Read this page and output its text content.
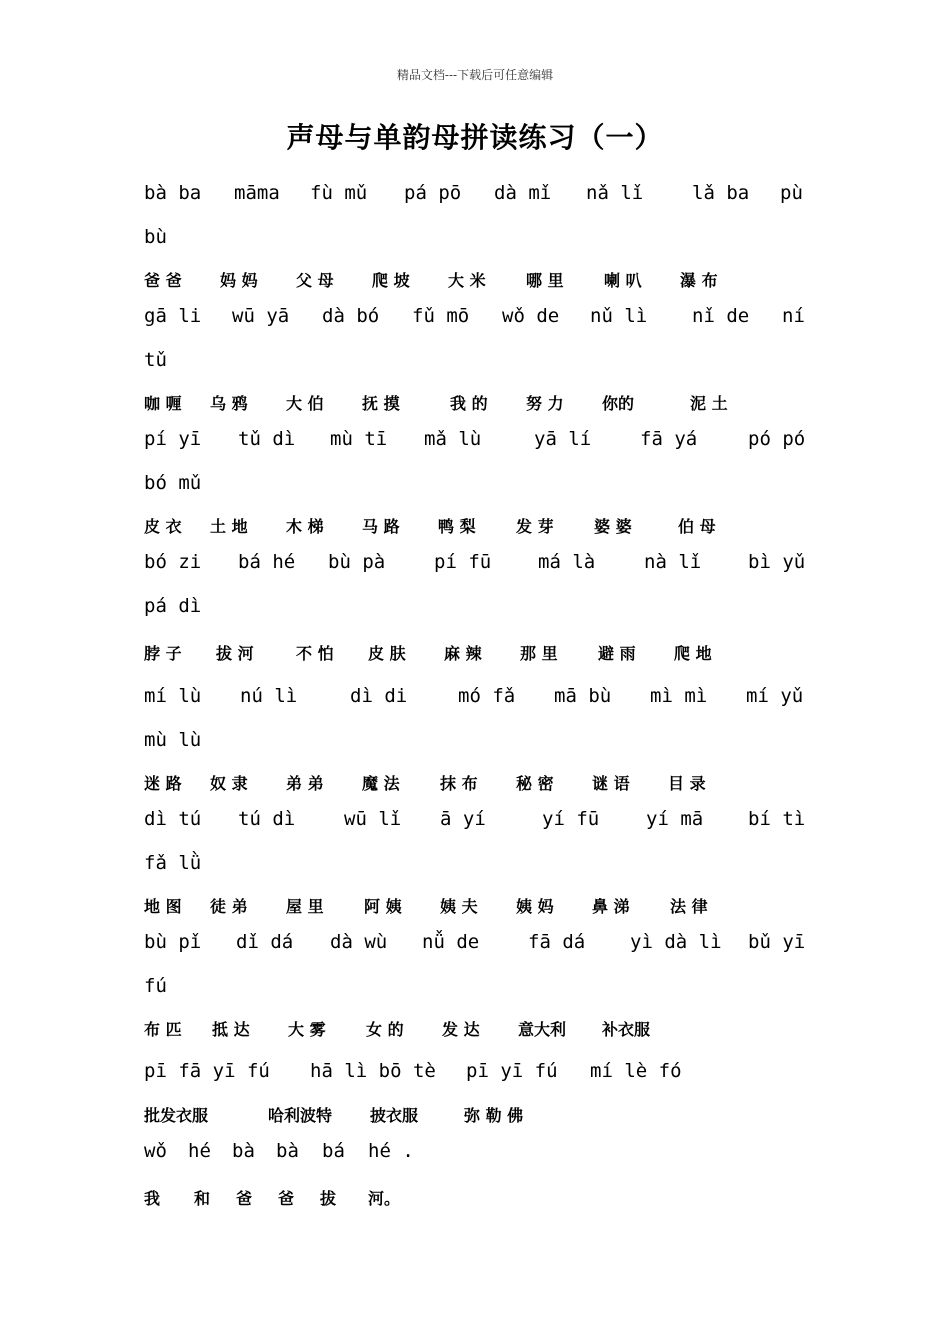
精品文档---下载后可任意编辑
声母与单韵母拼读练习（一）
bà ba māma fù mǔ pá pō dà mǐ nǎ lǐ	lǎ ba pù
bù
爸 爸 妈 妈 父 母 爬 坡 大 米	哪 里	喇 叭 瀑 布
gā li wū yā dà bó fǔ mō wǒ de nǔ lì nǐ de ní
tǔ
咖 喱 乌 鸦 大 伯 抚 摸	我 的 努 力 你的	泥 土
pí yī tǔ dì mù tī mǎ lù	yā lí	fā yá	pó pó
bó mǔ
皮 衣 土 地 木 梯 马 路 鸭 梨	发 芽	婆 婆	伯 母
bó zi bá hé bù pà	pí fū má là	nà lǐ bì yǔ
pá dì
脖 子 拔 河	不 怕 皮 肤 麻 辣 那 里	避 雨 爬 地
mí lù nú lì	dì di	mó fǎ mā bù mì mì mí yǔ
mù lù
迷 路 奴 隶 弟 弟 魔 法	抹 布 秘 密 谜 语 目 录
dì tú tú dì	wū lǐ ā yí	yí fū yí mā bí tì
fǎ lǜ
地 图 徒 弟 屋 里	阿 姨 姨 夫 姨 妈 鼻 涕	法 律
bù pǐ dǐ dá dà wù nǚ de	fā dá yì dà lì bǔ yī
fú
布 匹 抵 达 大 雾	女 的 发 达 意大利 补衣服
pī fā yī fú hā lì bō tè pī yī fú mí lè fó
批发衣服	哈利波特 披衣服	弥 勒 佛
wǒ hé bà bà bá hé .
我 和 爸 爸 拔 河。
